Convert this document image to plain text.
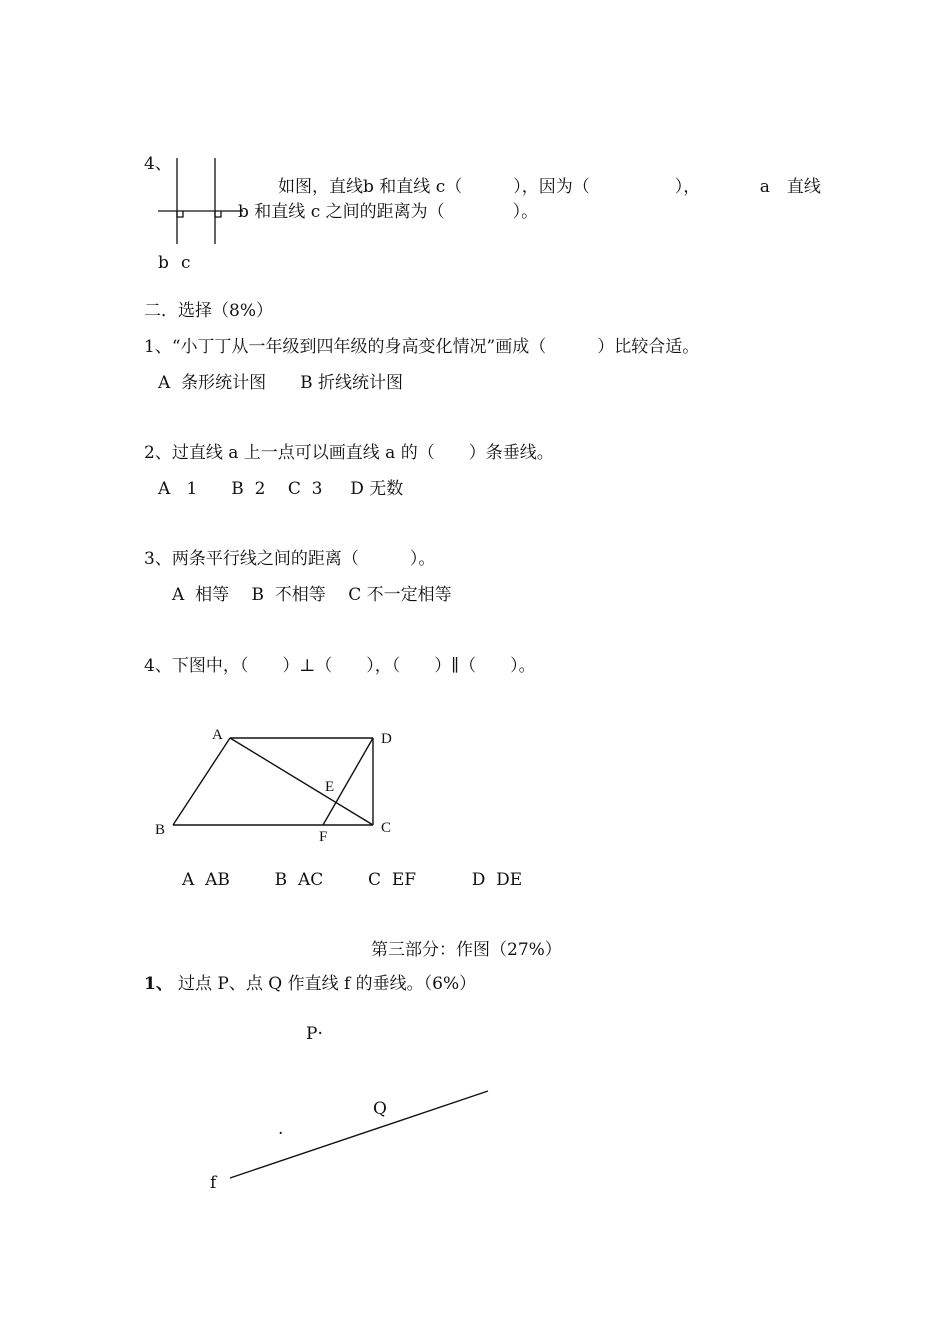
4、
如图，直线b 和直线 c（　　　），因为（　　　　　），　　　　a　直线
b 和直线 c 之间的距离为（　　　　）。
b c
二．选择（8%）
1、“小丁丁从一年级到四年级的身高变化情况”画成（　　　）比较合适。
A  条形统计图　　B 折线统计图
2、过直线 a 上一点可以画直线 a 的（　　）条垂线。
A   1　　B  2　 C  3　  D 无数
3、两条平行线之间的距离（　　　）。
A  相等　 B  不相等　 C 不一定相等
4、下图中，（　　）⊥（　　），（　　）∥（　　）。
A	D
E
B	F
C
A  AB　　  B  AC　　  C  EF　　    D  DE
第三部分：作图（27%）
1、 过点 P、点 Q 作直线 f 的垂线。（6%）
P·
Q
.
f
